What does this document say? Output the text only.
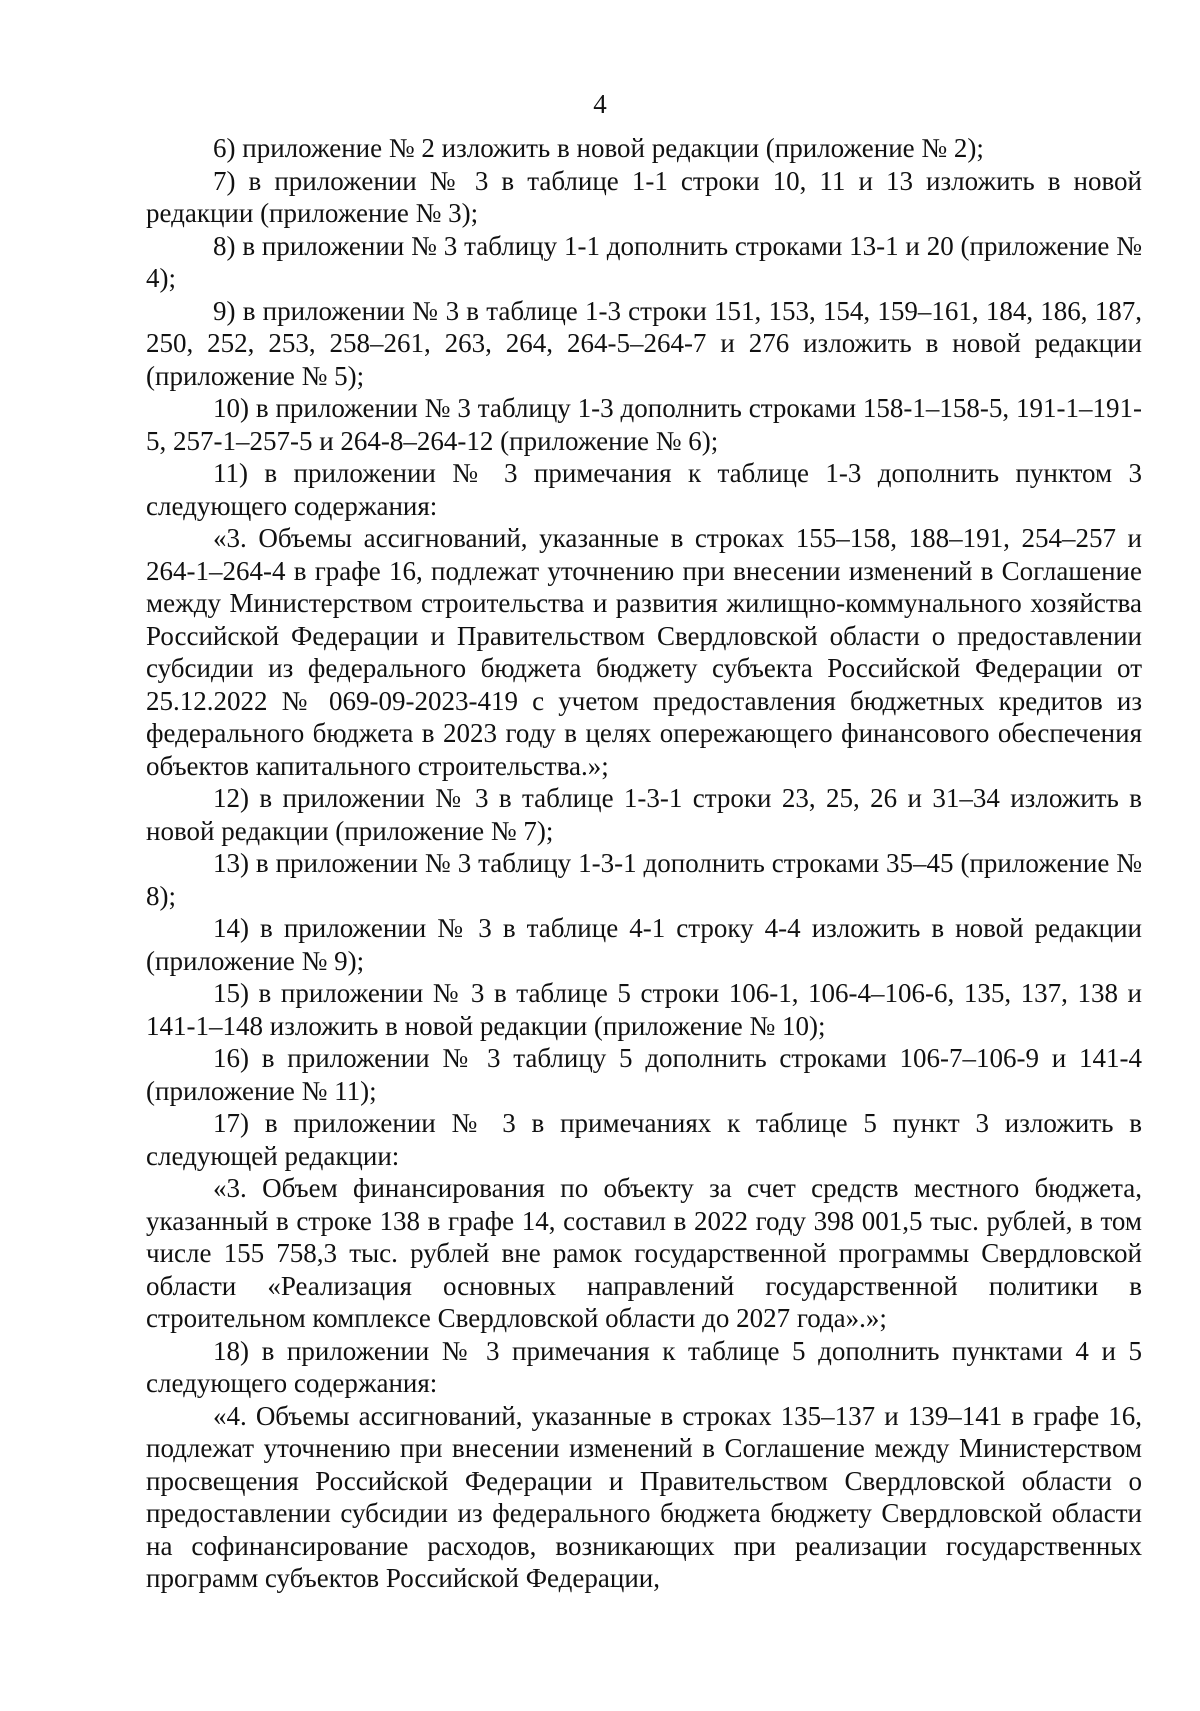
4

6) приложение № 2 изложить в новой редакции (приложение № 2);

7) в приложении № 3 в таблице 1-1 строки 10, 11 и 13 изложить в новой редакции (приложение № 3);

8) в приложении № 3 таблицу 1-1 дополнить строками 13-1 и 20 (приложение № 4);

9) в приложении № 3 в таблице 1-3 строки 151, 153, 154, 159–161, 184, 186, 187, 250, 252, 253, 258–261, 263, 264, 264-5–264-7 и 276 изложить в новой редакции (приложение № 5);

10) в приложении № 3 таблицу 1-3 дополнить строками 158-1–158-5, 191-1–191-5, 257-1–257-5 и 264-8–264-12 (приложение № 6);

11) в приложении № 3 примечания к таблице 1-3 дополнить пунктом 3 следующего содержания:

«3. Объемы ассигнований, указанные в строках 155–158, 188–191, 254–257 и 264-1–264-4 в графе 16, подлежат уточнению при внесении изменений в Соглашение между Министерством строительства и развития жилищно-коммунального хозяйства Российской Федерации и Правительством Свердловской области о предоставлении субсидии из федерального бюджета бюджету субъекта Российской Федерации от 25.12.2022 № 069-09-2023-419 с учетом предоставления бюджетных кредитов из федерального бюджета в 2023 году в целях опережающего финансового обеспечения объектов капитального строительства.»;

12) в приложении № 3 в таблице 1-3-1 строки 23, 25, 26 и 31–34 изложить в новой редакции (приложение № 7);

13) в приложении № 3 таблицу 1-3-1 дополнить строками 35–45 (приложение № 8);

14) в приложении № 3 в таблице 4-1 строку 4-4 изложить в новой редакции (приложение № 9);

15) в приложении № 3 в таблице 5 строки 106-1, 106-4–106-6, 135, 137, 138 и 141-1–148 изложить в новой редакции (приложение № 10);

16) в приложении № 3 таблицу 5 дополнить строками 106-7–106-9 и 141-4 (приложение № 11);

17) в приложении № 3 в примечаниях к таблице 5 пункт 3 изложить в следующей редакции:

«3. Объем финансирования по объекту за счет средств местного бюджета, указанный в строке 138 в графе 14, составил в 2022 году 398 001,5 тыс. рублей, в том числе 155 758,3 тыс. рублей вне рамок государственной программы Свердловской области «Реализация основных направлений государственной политики в строительном комплексе Свердловской области до 2027 года».»;

18) в приложении № 3 примечания к таблице 5 дополнить пунктами 4 и 5 следующего содержания:

«4. Объемы ассигнований, указанные в строках 135–137 и 139–141 в графе 16, подлежат уточнению при внесении изменений в Соглашение между Министерством просвещения Российской Федерации и Правительством Свердловской области о предоставлении субсидии из федерального бюджета бюджету Свердловской области на софинансирование расходов, возникающих при реализации государственных программ субъектов Российской Федерации,
